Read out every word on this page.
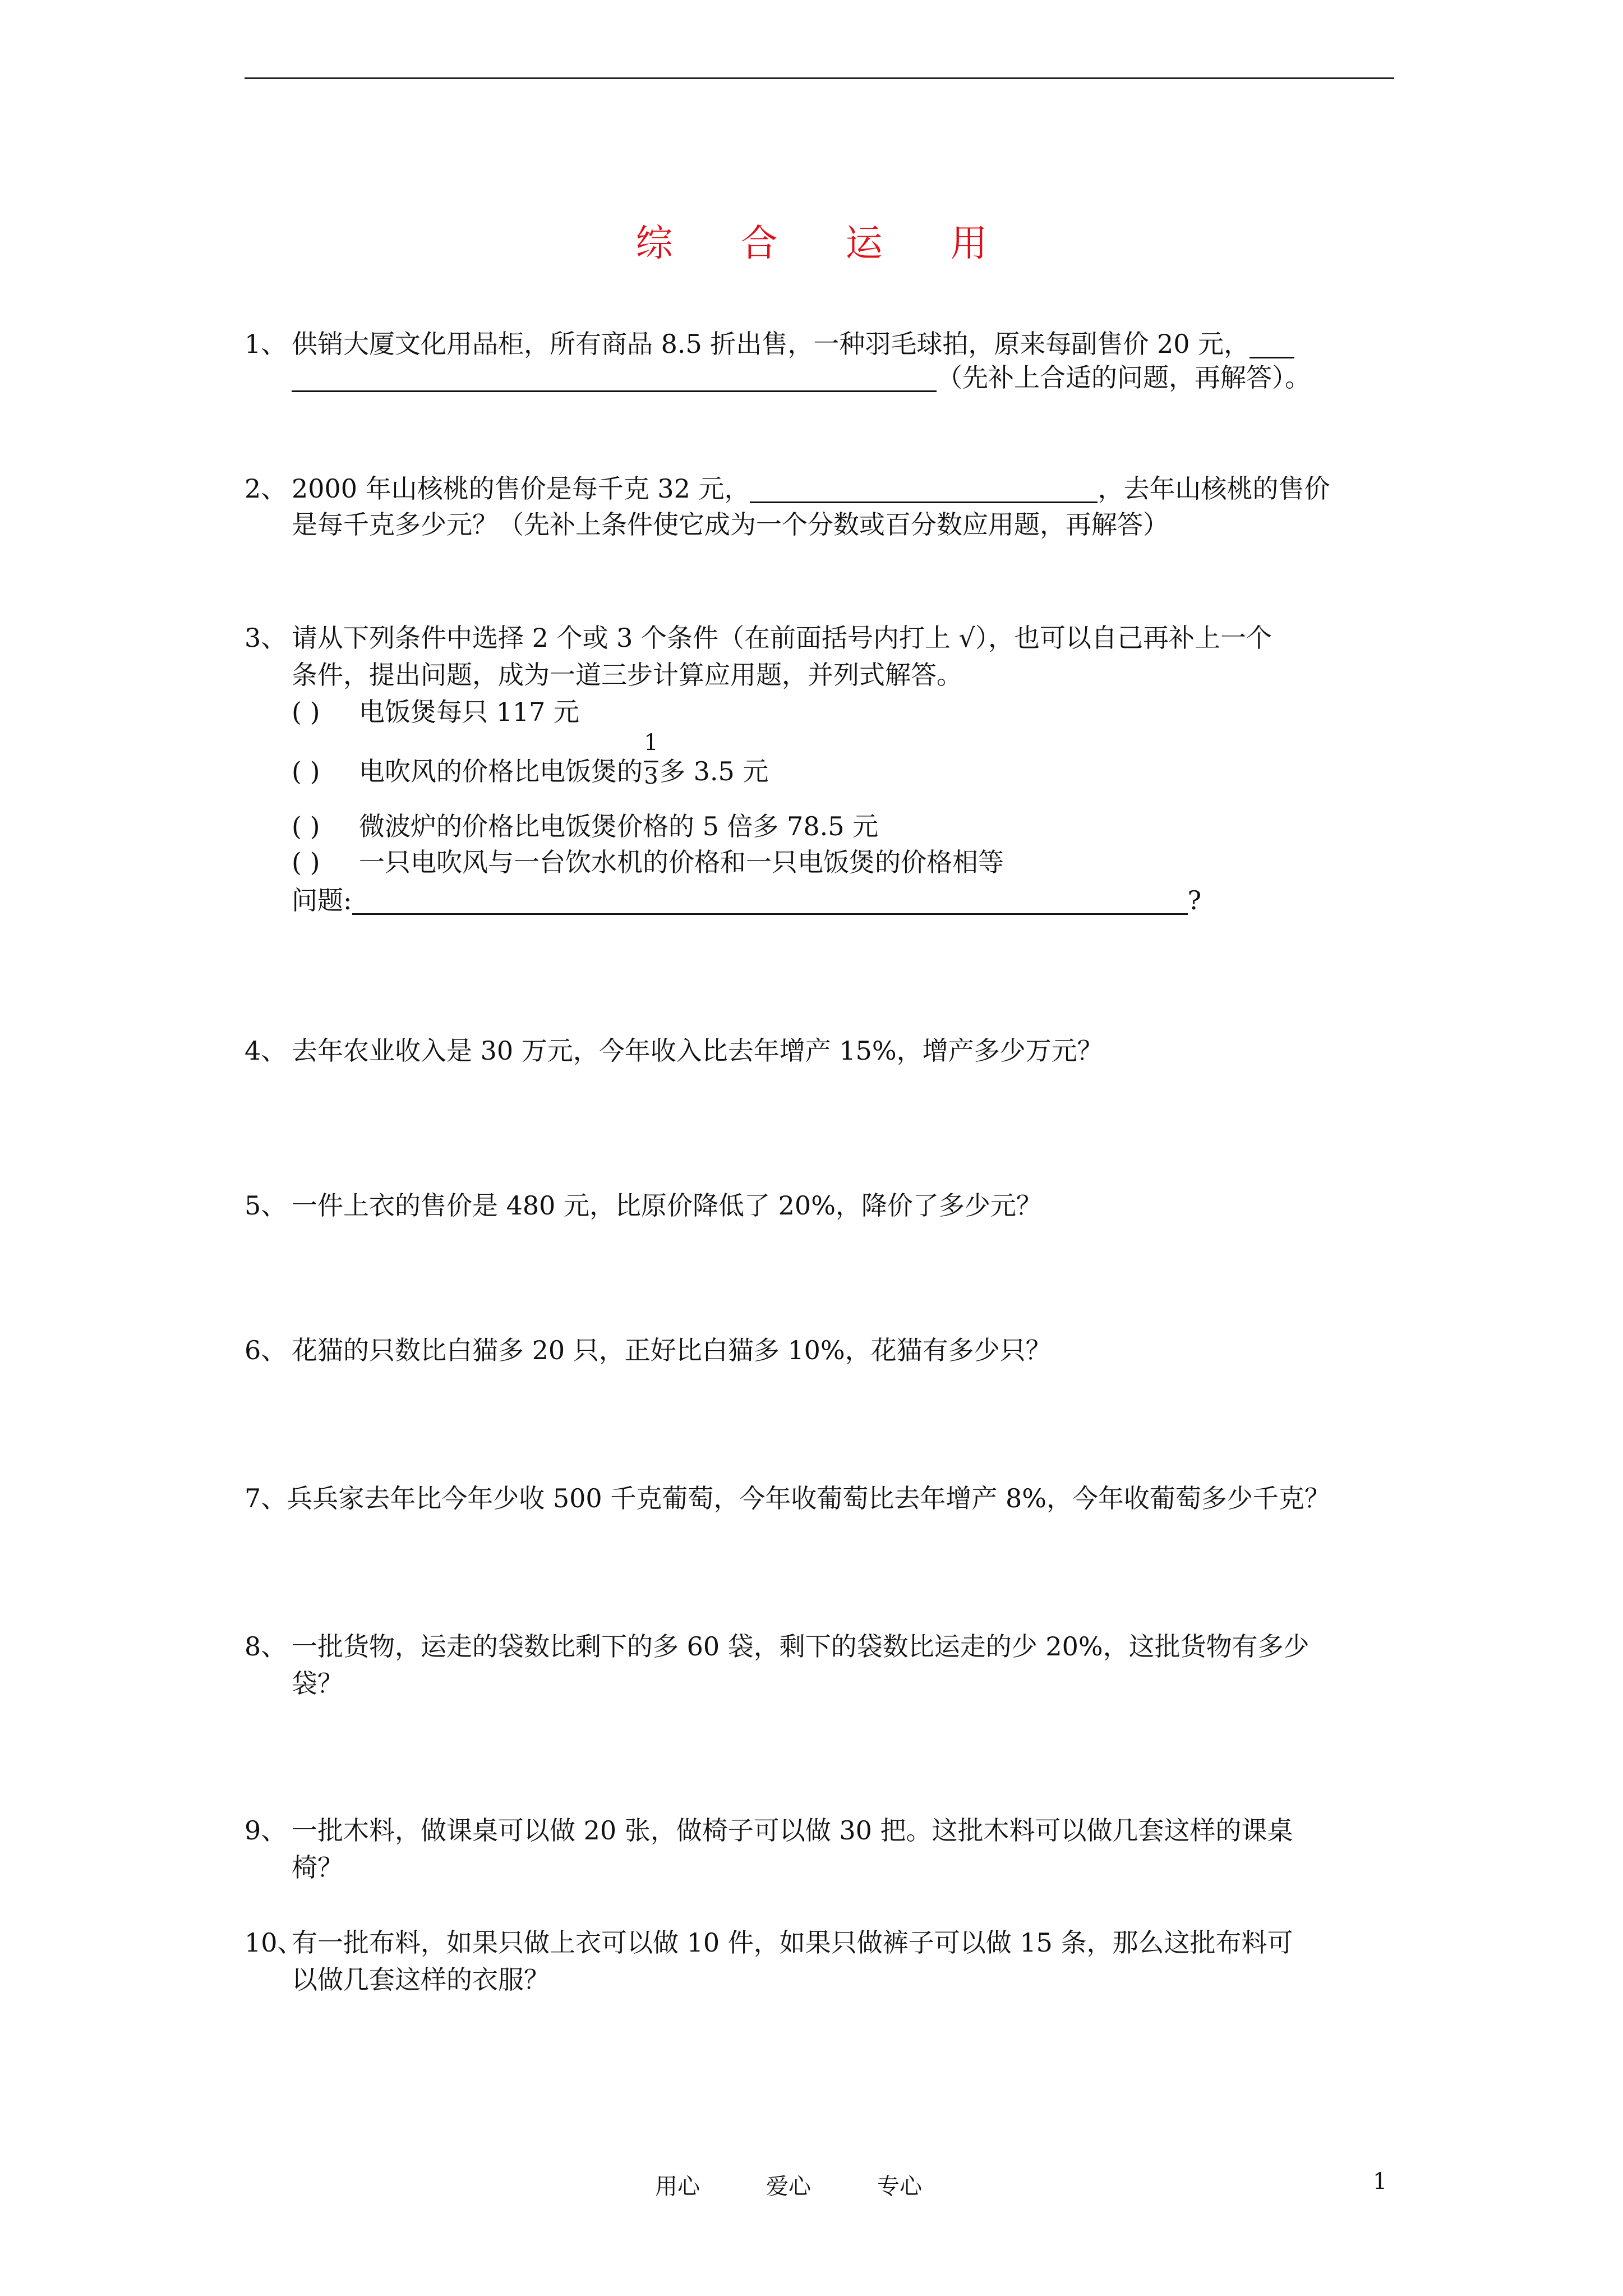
综 合 运 用
1、 供销大厦文化用品柜，所有商品 8.5 折出售，一种羽毛球拍，原来每副售价 20 元，
（先补上合适的问题，再解答）。
2、 2000 年山核桃的售价是每千克 32 元，	，去年山核桃的售价
是每千克多少元？（先补上条件使它成为一个分数或百分数应用题，再解答）
3、 请从下列条件中选择 2 个或 3 个条件（在前面括号内打上 √），也可以自己再补上一个
条件，提出问题，成为一道三步计算应用题，并列式解答。
( ) 电饭煲每只 117 元
( ) 电吹风的价格比电饭煲的 $\frac{1}{3}$ 多 3.5 元
( ) 微波炉的价格比电饭煲价格的 5 倍多 78.5 元
( ) 一只电吹风与一台饮水机的价格和一只电饭煲的价格相等
问题:	?
4、 去年农业收入是 30 万元，今年收入比去年增产 15%，增产多少万元？
5、 一件上衣的售价是 480 元，比原价降低了 20%，降价了多少元？
6、 花猫的只数比白猫多 20 只，正好比白猫多 10%，花猫有多少只？
7、兵兵家去年比今年少收 500 千克葡萄，今年收葡萄比去年增产 8%，今年收葡萄多少千克？
8、 一批货物，运走的袋数比剩下的多 60 袋，剩下的袋数比运走的少 20%，这批货物有多少
袋？
9、 一批木料，做课桌可以做 20 张，做椅子可以做 30 把。这批木料可以做几套这样的课桌
椅？
10、有一批布料，如果只做上衣可以做 10 件，如果只做裤子可以做 15 条，那么这批布料可
以做几套这样的衣服？
用心	爱心	专心	1
